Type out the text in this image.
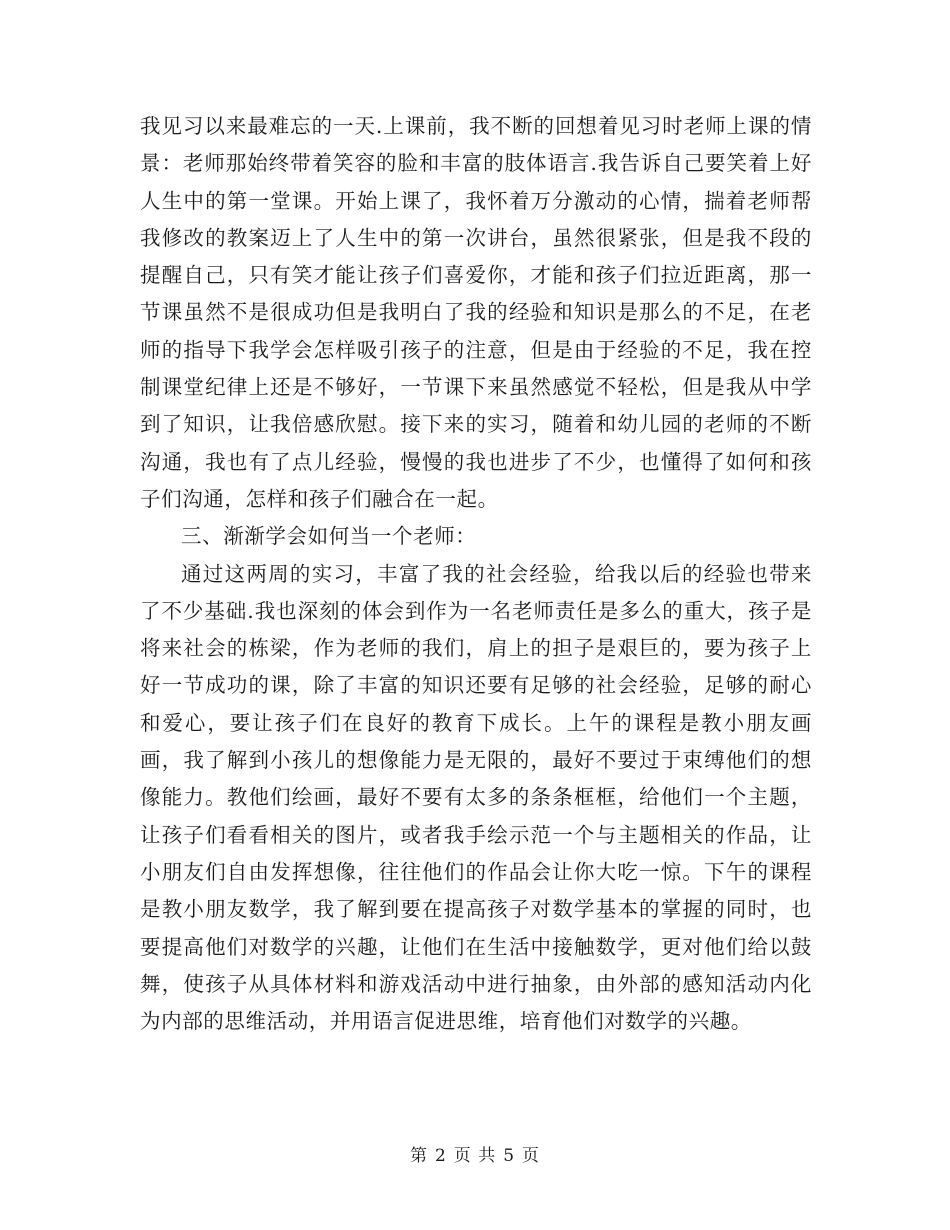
我见习以来最难忘的一天.上课前，我不断的回想着见习时老师上课的情景：老师那始终带着笑容的脸和丰富的肢体语言.我告诉自己要笑着上好人生中的第一堂课。开始上课了，我怀着万分激动的心情，揣着老师帮我修改的教案迈上了人生中的第一次讲台，虽然很紧张，但是我不段的提醒自己，只有笑才能让孩子们喜爱你，才能和孩子们拉近距离，那一节课虽然不是很成功但是我明白了我的经验和知识是那么的不足，在老师的指导下我学会怎样吸引孩子的注意，但是由于经验的不足，我在控制课堂纪律上还是不够好，一节课下来虽然感觉不轻松，但是我从中学到了知识，让我倍感欣慰。接下来的实习，随着和幼儿园的老师的不断沟通，我也有了点儿经验，慢慢的我也进步了不少，也懂得了如何和孩子们沟通，怎样和孩子们融合在一起。

三、渐渐学会如何当一个老师：

通过这两周的实习，丰富了我的社会经验，给我以后的经验也带来了不少基础.我也深刻的体会到作为一名老师责任是多么的重大，孩子是将来社会的栋梁，作为老师的我们，肩上的担子是艰巨的，要为孩子上好一节成功的课，除了丰富的知识还要有足够的社会经验，足够的耐心和爱心，要让孩子们在良好的教育下成长。上午的课程是教小朋友画画，我了解到小孩儿的想像能力是无限的，最好不要过于束缚他们的想像能力。教他们绘画，最好不要有太多的条条框框，给他们一个主题，让孩子们看看相关的图片，或者我手绘示范一个与主题相关的作品，让小朋友们自由发挥想像，往往他们的作品会让你大吃一惊。下午的课程是教小朋友数学，我了解到要在提高孩子对数学基本的掌握的同时，也要提高他们对数学的兴趣，让他们在生活中接触数学，更对他们给以鼓舞，使孩子从具体材料和游戏活动中进行抽象，由外部的感知活动内化为内部的思维活动，并用语言促进思维，培育他们对数学的兴趣。

第 2 页 共 5 页
